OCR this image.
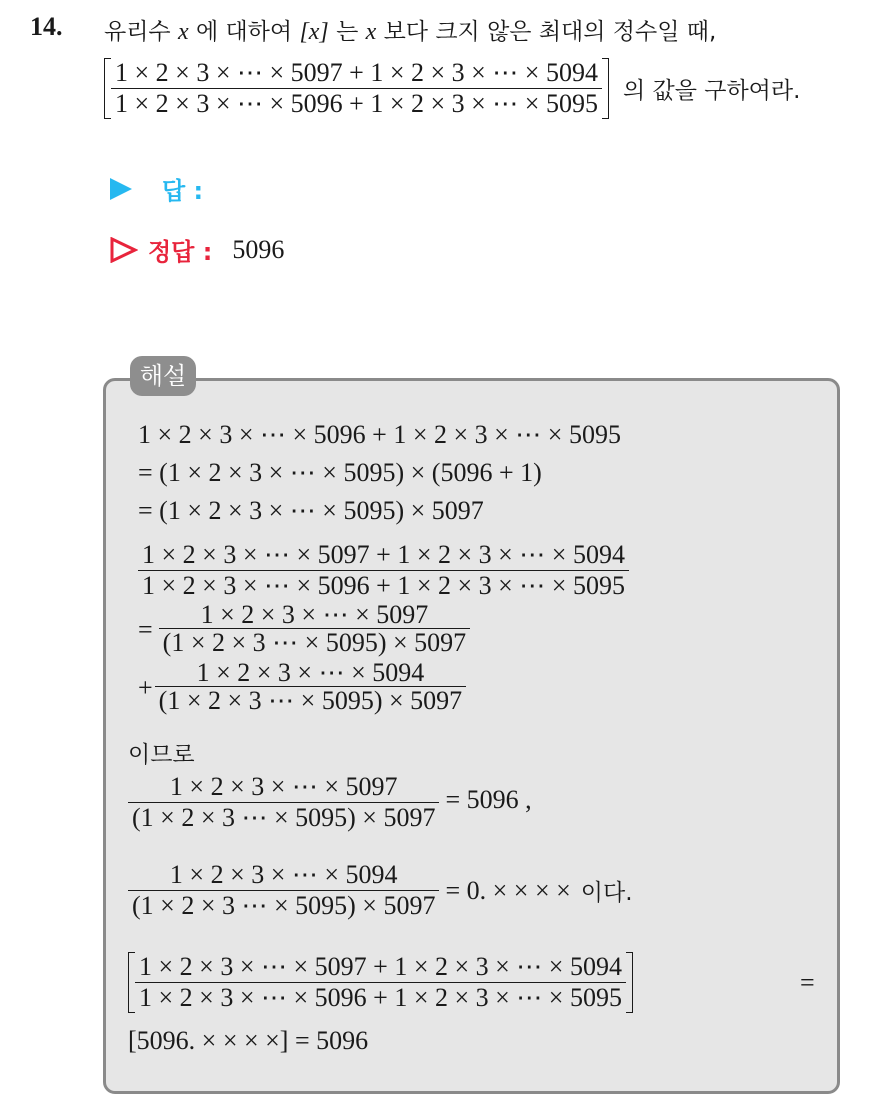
14. 유리수 x 에 대하여 [x] 는 x 보다 크지 않은 최대의 정수일 때,
$\frac{1 \times 2 \times 3 \times \cdots \times 5097 + 1 \times 2 \times 3 \times \cdots \times 5094}{1 \times 2 \times 3 \times \cdots \times 5096 + 1 \times 2 \times 3 \times \cdots \times 5095}$ 의 값을 구하여라.
답 :
정답 : 5096
해설
1 × 2 × 3 × ⋯ × 5096 + 1 × 2 × 3 × ⋯ × 5095
= (1 × 2 × 3 × ⋯ × 5095) × (5096 + 1)
= (1 × 2 × 3 × ⋯ × 5095) × 5097
$\frac{1 \times 2 \times 3 \times \cdots \times 5097 + 1 \times 2 \times 3 \times \cdots \times 5094}{1 \times 2 \times 3 \times \cdots \times 5096 + 1 \times 2 \times 3 \times \cdots \times 5095}$
= $\frac{1 \times 2 \times 3 \times \cdots \times 5097}{(1 \times 2 \times 3 \cdots \times 5095) \times 5097}$
+ $\frac{1 \times 2 \times 3 \times \cdots \times 5094}{(1 \times 2 \times 3 \cdots \times 5095) \times 5097}$
이므로
$\frac{1 \times 2 \times 3 \times \cdots \times 5097}{(1 \times 2 \times 3 \cdots \times 5095) \times 5097} = 5096$ ,
$\frac{1 \times 2 \times 3 \times \cdots \times 5094}{(1 \times 2 \times 3 \cdots \times 5095) \times 5097} = 0$. × × × × 이다.
$\frac{1 \times 2 \times 3 \times \cdots \times 5097 + 1 \times 2 \times 3 \times \cdots \times 5094}{1 \times 2 \times 3 \times \cdots \times 5096 + 1 \times 2 \times 3 \times \cdots \times 5095}$	=
[5096. × × × ×] = 5096
